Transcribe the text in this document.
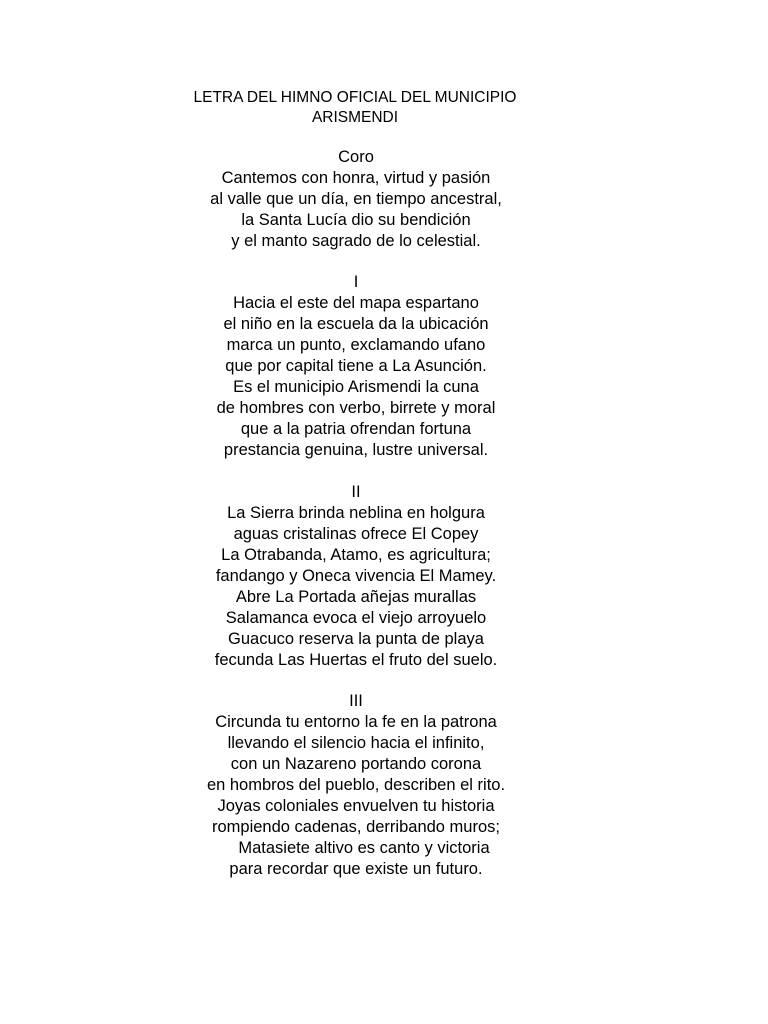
LETRA DEL HIMNO OFICIAL DEL MUNICIPIO
ARISMENDI
Coro
Cantemos con honra, virtud y pasión
al valle que un día, en tiempo ancestral,
la Santa Lucía dio su bendición
y el manto sagrado de lo celestial.
I
Hacia el este del mapa espartano
el niño en la escuela da la ubicación
marca un punto, exclamando ufano
que por capital tiene a La Asunción.
Es el municipio Arismendi la cuna
de hombres con verbo, birrete y moral
que a la patria ofrendan fortuna
prestancia genuina, lustre universal.
II
La Sierra brinda neblina en holgura
aguas cristalinas ofrece El Copey
La Otrabanda, Atamo, es agricultura;
fandango y Oneca vivencia El Mamey.
Abre La Portada añejas murallas
Salamanca evoca el viejo arroyuelo
Guacuco reserva la punta de playa
fecunda Las Huertas el fruto del suelo.
III
Circunda tu entorno la fe en la patrona
llevando el silencio hacia el infinito,
con un Nazareno portando corona
en hombros del pueblo, describen el rito.
Joyas coloniales envuelven tu historia
rompiendo cadenas, derribando muros;
Matasiete altivo es canto y victoria
para recordar que existe un futuro.
